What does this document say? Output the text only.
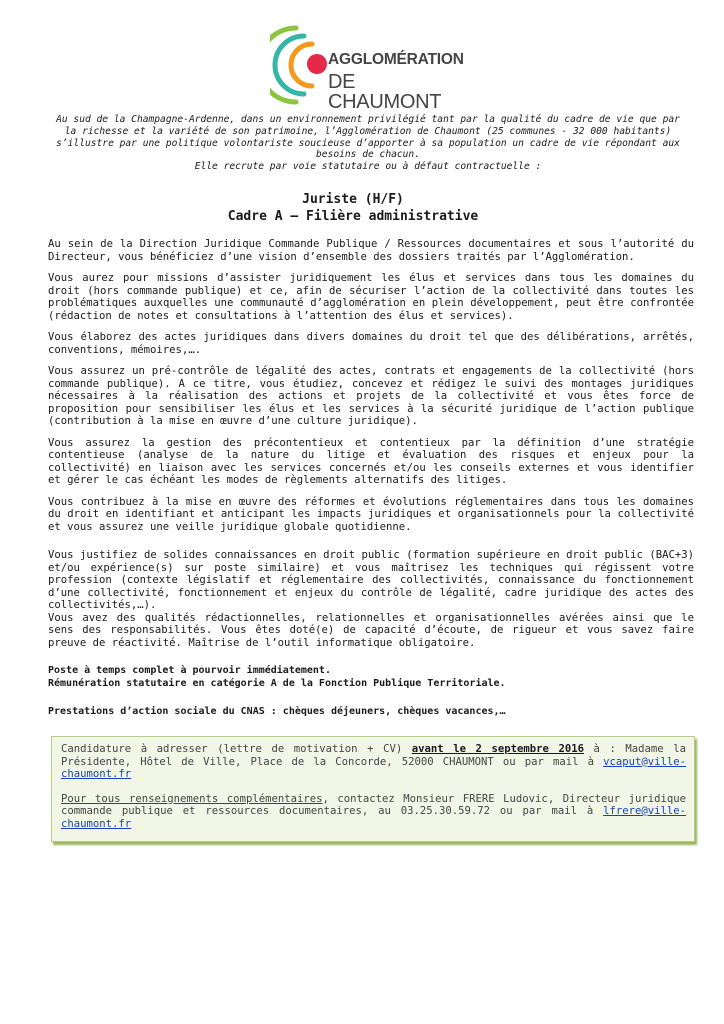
AGGLOMÉRATION
DE CHAUMONT

Au sud de la Champagne-Ardenne, dans un environnement privilégié tant par la qualité du cadre de vie que par la richesse et la variété de son patrimoine, l’Agglomération de Chaumont (25 communes - 32 000 habitants) s’illustre par une politique volontariste soucieuse d’apporter à sa population un cadre de vie répondant aux besoins de chacun.

Elle recrute par voie statutaire ou à défaut contractuelle :

Juriste (H/F)
Cadre A – Filière administrative

Au sein de la Direction Juridique Commande Publique / Ressources documentaires et sous l’autorité du Directeur, vous bénéficiez d’une vision d’ensemble des dossiers traités par l’Agglomération.

Vous aurez pour missions d’assister juridiquement les élus et services dans tous les domaines du droit (hors commande publique) et ce, afin de sécuriser l’action de la collectivité dans toutes les problématiques auxquelles une communauté d’agglomération en plein développement, peut être confrontée (rédaction de notes et consultations à l’attention des élus et services).

Vous élaborez des actes juridiques dans divers domaines du droit tel que des délibérations, arrêtés, conventions, mémoires,….

Vous assurez un pré-contrôle de légalité des actes, contrats et engagements de la collectivité (hors commande publique). A ce titre, vous étudiez, concevez et rédigez le suivi des montages juridiques nécessaires à la réalisation des actions et projets de la collectivité et vous êtes force de proposition pour sensibiliser les élus et les services à la sécurité juridique de l’action publique (contribution à la mise en œuvre d’une culture juridique).

Vous assurez la gestion des précontentieux et contentieux par la définition d’une stratégie contentieuse (analyse de la nature du litige et évaluation des risques et enjeux pour la collectivité) en liaison avec les services concernés et/ou les conseils externes et vous identifier et gérer le cas échéant les modes de règlements alternatifs des litiges.

Vous contribuez à la mise en œuvre des réformes et évolutions réglementaires dans tous les domaines du droit en identifiant et anticipant les impacts juridiques et organisationnels pour la collectivité et vous assurez une veille juridique globale quotidienne.

Vous justifiez de solides connaissances en droit public (formation supérieure en droit public (BAC+3) et/ou expérience(s) sur poste similaire) et vous maîtrisez les techniques qui régissent votre profession (contexte législatif et réglementaire des collectivités, connaissance du fonctionnement d’une collectivité, fonctionnement et enjeux du contrôle de légalité, cadre juridique des actes des collectivités,…).

Vous avez des qualités rédactionnelles, relationnelles et organisationnelles avérées ainsi que le sens des responsabilités. Vous êtes doté(e) de capacité d’écoute, de rigueur et vous savez faire preuve de réactivité. Maîtrise de l’outil informatique obligatoire.

Poste à temps complet à pourvoir immédiatement.

Rémunération statutaire en catégorie A de la Fonction Publique Territoriale.

Prestations d’action sociale du CNAS : chèques déjeuners, chèques vacances,…

Candidature à adresser (lettre de motivation + CV) avant le 2 septembre 2016 à : Madame la Présidente, Hôtel de Ville, Place de la Concorde, 52000 CHAUMONT ou par mail à vcaput@ville-chaumont.fr

Pour tous renseignements complémentaires, contactez Monsieur FRERE Ludovic, Directeur juridique commande publique et ressources documentaires, au 03.25.30.59.72 ou par mail à lfrere@ville-chaumont.fr
